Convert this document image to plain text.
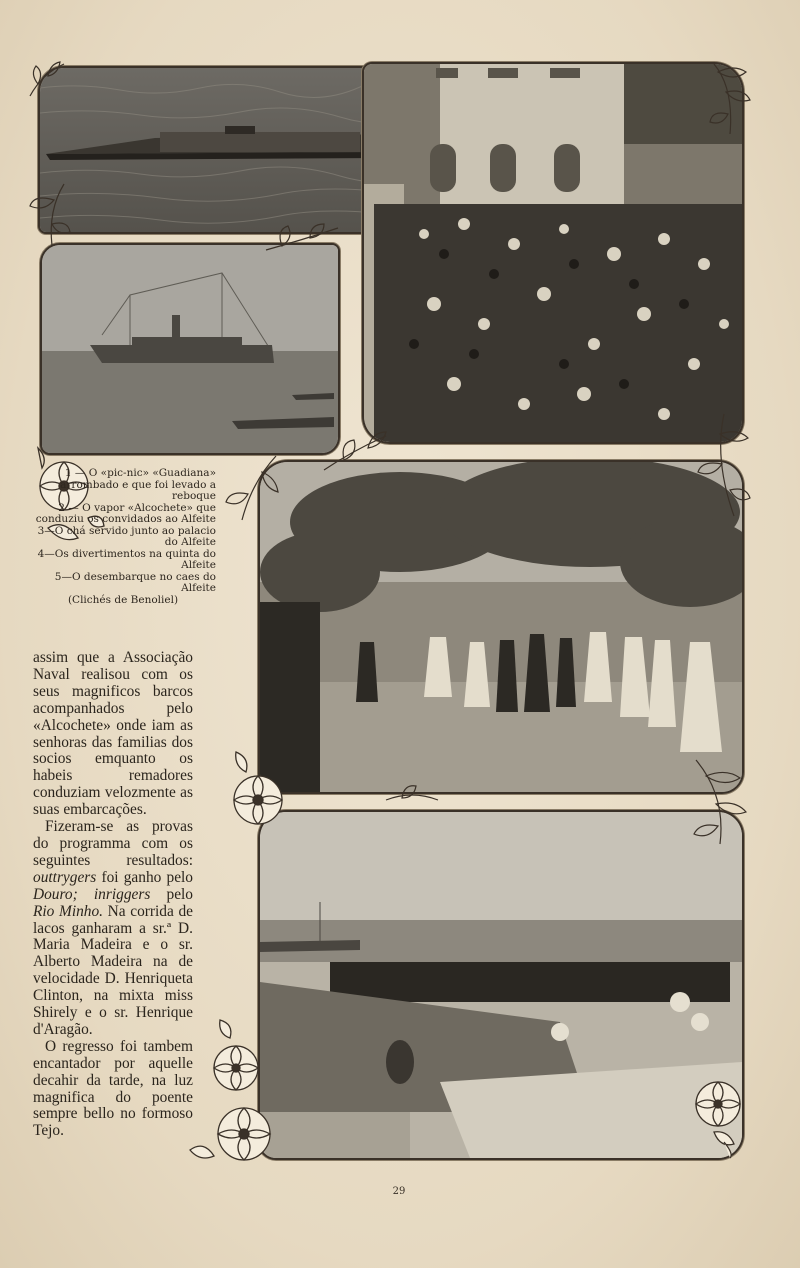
1 — O «pic-nic» «Guadiana» arrombado e que foi levado a reboque
2 — O vapor «Alcochete» que conduziu os convidados ao Alfeite
3—O chá servido junto ao palacio do Alfeite
4—Os divertimentos na quinta do Alfeite
5—O desembarque no caes do Alfeite
(Clichés de Benoliel)

assim que a Associação Naval realisou com os seus magnificos barcos acompanhados pelo «Alcochete» onde iam as senhoras das familias dos socios emquanto os habeis remadores conduziam velozmente as suas embarcações.

Fizeram-se as provas do programma com os seguintes resultados: outtrygers foi ganho pelo Douro; inriggers pelo Rio Minho. Na corrida de lacos ganharam a sr.ª D. Maria Madeira e o sr. Alberto Madeira na de velocidade D. Henriqueta Clinton, na mixta miss Shirely e o sr. Henrique d'Aragão.

O regresso foi tambem encantador por aquelle decahir da tarde, na luz magnifica do poente sempre bello no formoso Tejo.

29
